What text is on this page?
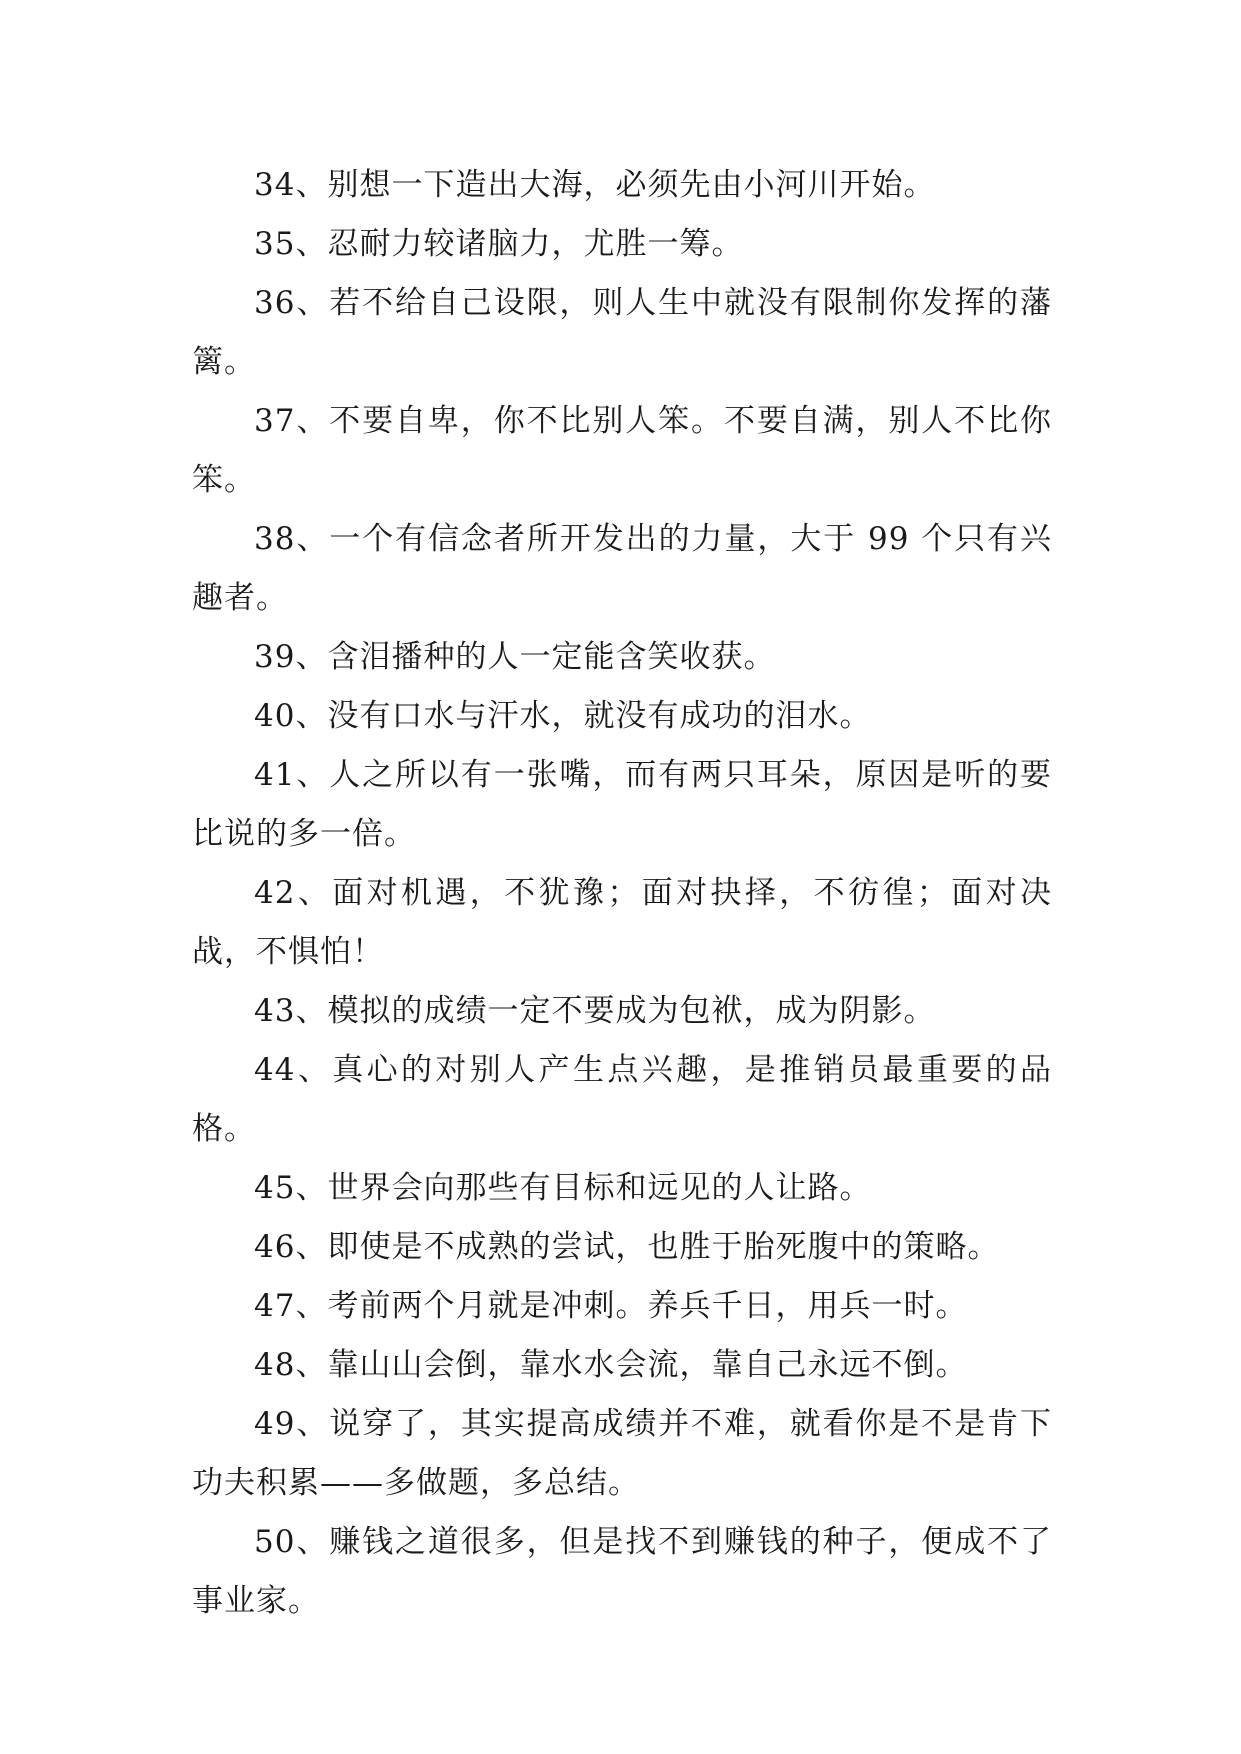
34、别想一下造出大海，必须先由小河川开始。

35、忍耐力较诸脑力，尤胜一筹。

36、若不给自己设限，则人生中就没有限制你发挥的藩篱。

37、不要自卑，你不比别人笨。不要自满，别人不比你笨。

38、一个有信念者所开发出的力量，大于 99 个只有兴趣者。

39、含泪播种的人一定能含笑收获。

40、没有口水与汗水，就没有成功的泪水。

41、人之所以有一张嘴，而有两只耳朵，原因是听的要比说的多一倍。

42、面对机遇，不犹豫；面对抉择，不彷徨；面对决战，不惧怕！

43、模拟的成绩一定不要成为包袱，成为阴影。

44、真心的对别人产生点兴趣，是推销员最重要的品格。

45、世界会向那些有目标和远见的人让路。

46、即使是不成熟的尝试，也胜于胎死腹中的策略。

47、考前两个月就是冲刺。养兵千日，用兵一时。

48、靠山山会倒，靠水水会流，靠自己永远不倒。

49、说穿了，其实提高成绩并不难，就看你是不是肯下功夫积累——多做题，多总结。

50、赚钱之道很多，但是找不到赚钱的种子，便成不了事业家。
